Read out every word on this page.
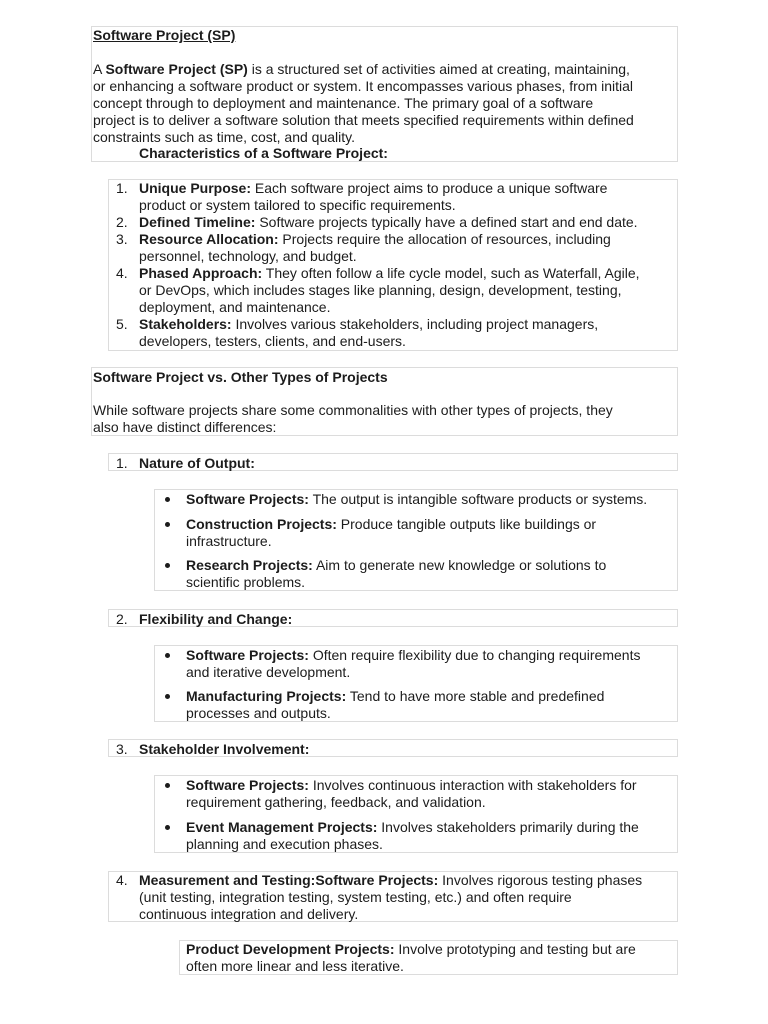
Software Project (SP)
A Software Project (SP) is a structured set of activities aimed at creating, maintaining,
or enhancing a software product or system. It encompasses various phases, from initial
concept through to deployment and maintenance. The primary goal of a software
project is to deliver a software solution that meets specified requirements within defined
constraints such as time, cost, and quality.
Characteristics of a Software Project:
1. Unique Purpose: Each software project aims to produce a unique software
product or system tailored to specific requirements.
2. Defined Timeline: Software projects typically have a defined start and end date.
3. Resource Allocation: Projects require the allocation of resources, including
personnel, technology, and budget.
4. Phased Approach: They often follow a life cycle model, such as Waterfall, Agile,
or DevOps, which includes stages like planning, design, development, testing,
deployment, and maintenance.
5. Stakeholders: Involves various stakeholders, including project managers,
developers, testers, clients, and end-users.
Software Project vs. Other Types of Projects
While software projects share some commonalities with other types of projects, they
also have distinct differences:
1. Nature of Output:
Software Projects: The output is intangible software products or systems.
Construction Projects: Produce tangible outputs like buildings or
infrastructure.
Research Projects: Aim to generate new knowledge or solutions to
scientific problems.
2. Flexibility and Change:
Software Projects: Often require flexibility due to changing requirements
and iterative development.
Manufacturing Projects: Tend to have more stable and predefined
processes and outputs.
3. Stakeholder Involvement:
Software Projects: Involves continuous interaction with stakeholders for
requirement gathering, feedback, and validation.
Event Management Projects: Involves stakeholders primarily during the
planning and execution phases.
4. Measurement and Testing:Software Projects: Involves rigorous testing phases
(unit testing, integration testing, system testing, etc.) and often require
continuous integration and delivery.
Product Development Projects: Involve prototyping and testing but are
often more linear and less iterative.
